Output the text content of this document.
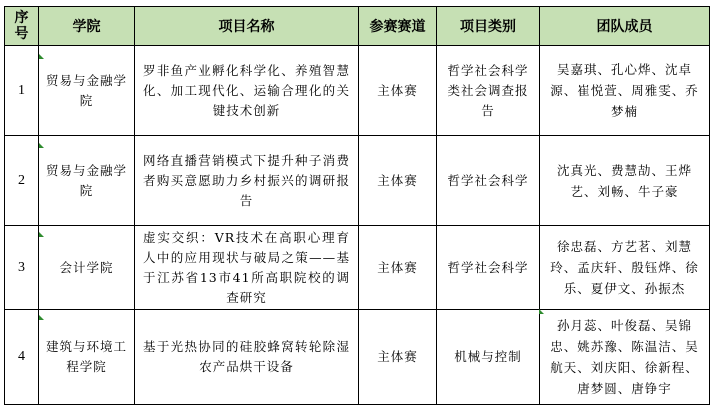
序号	学院	项目名称	参赛赛道	项目类别	团队成员
1	贸易与金融学院	罗非鱼产业孵化科学化、养殖智慧化、加工现代化、运输合理化的关键技术创新	主体赛	哲学社会科学类社会调查报告	吴嘉琪、孔心烨、沈卓源、崔悦萱、周雅雯、乔梦楠
2	贸易与金融学院	网络直播营销模式下提升种子消费者购买意愿助力乡村振兴的调研报告	主体赛	哲学社会科学	沈真光、费慧劼、王烨艺、刘畅、牛子豪
3	会计学院	虚实交织：VR技术在高职心理育人中的应用现状与破局之策——基于江苏省13市41所高职院校的调查研究	主体赛	哲学社会科学	徐忠磊、方艺茗、刘慧玲、孟庆轩、殷钰烨、徐乐、夏伊文、孙振杰
4	建筑与环境工程学院	基于光热协同的硅胶蜂窝转轮除湿农产品烘干设备	主体赛	机械与控制	孙月蕊、叶俊磊、吴锦忠、姚苏豫、陈温洁、吴航天、刘庆阳、徐新程、唐梦圆、唐铮宇
